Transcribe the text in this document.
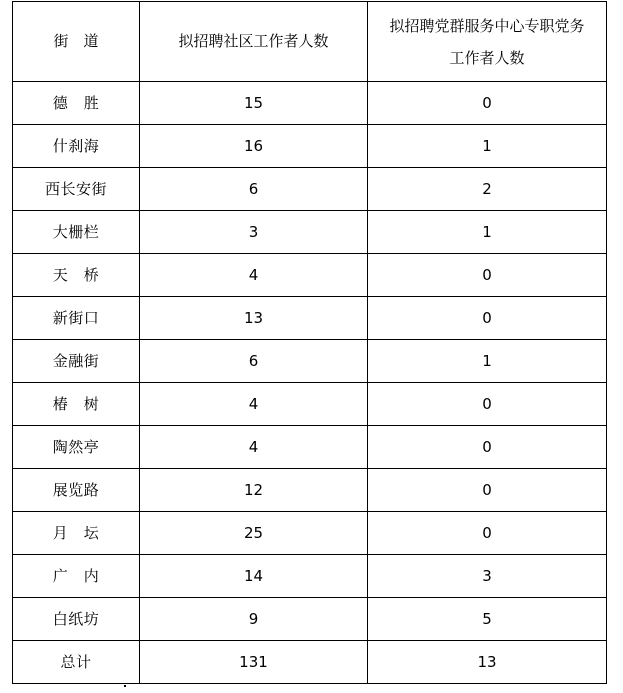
街　道	拟招聘社区工作者人数	拟招聘党群服务中心专职党务
工作者人数

德　胜	15	0
什刹海	16	1
西长安街	6	2
大栅栏	3	1
天　桥	4	0
新街口	13	0
金融街	6	1
椿　树	4	0
陶然亭	4	0
展览路	12	0
月　坛	25	0
广　内	14	3
白纸坊	9	5
总计	131	13
